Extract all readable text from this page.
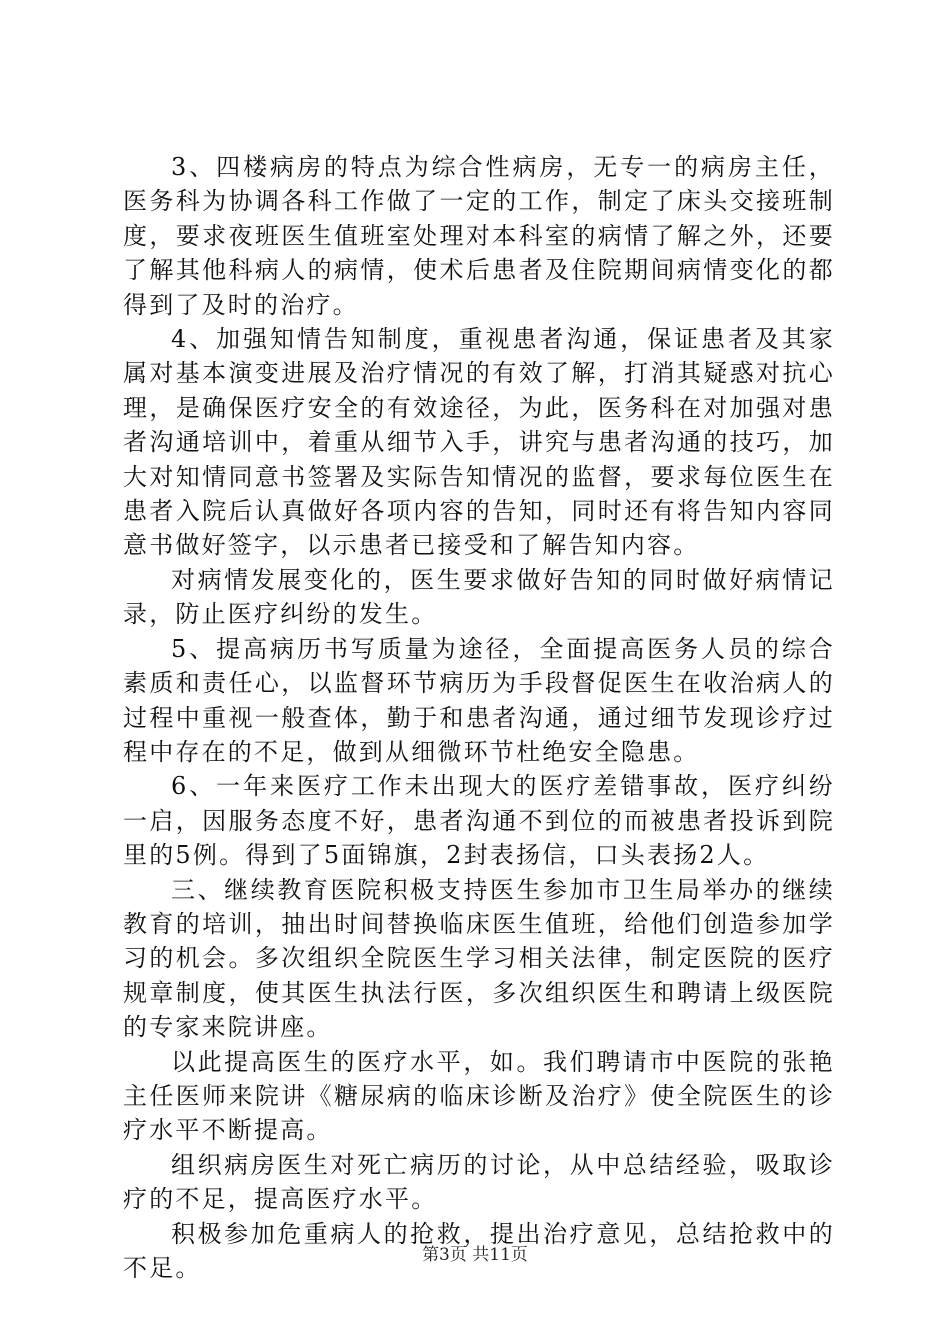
3、四楼病房的特点为综合性病房，无专一的病房主任，医务科为协调各科工作做了一定的工作，制定了床头交接班制度，要求夜班医生值班室处理对本科室的病情了解之外，还要了解其他科病人的病情，使术后患者及住院期间病情变化的都得到了及时的治疗。

4、加强知情告知制度，重视患者沟通，保证患者及其家属对基本演变进展及治疗情况的有效了解，打消其疑惑对抗心理，是确保医疗安全的有效途径，为此，医务科在对加强对患者沟通培训中，着重从细节入手，讲究与患者沟通的技巧，加大对知情同意书签署及实际告知情况的监督，要求每位医生在患者入院后认真做好各项内容的告知，同时还有将告知内容同意书做好签字，以示患者已接受和了解告知内容。

对病情发展变化的，医生要求做好告知的同时做好病情记录，防止医疗纠纷的发生。

5、提高病历书写质量为途径，全面提高医务人员的综合素质和责任心，以监督环节病历为手段督促医生在收治病人的过程中重视一般查体，勤于和患者沟通，通过细节发现诊疗过程中存在的不足，做到从细微环节杜绝安全隐患。

6、一年来医疗工作未出现大的医疗差错事故，医疗纠纷一启，因服务态度不好，患者沟通不到位的而被患者投诉到院里的5例。得到了5面锦旗，2封表扬信，口头表扬2人。

三、继续教育医院积极支持医生参加市卫生局举办的继续教育的培训，抽出时间替换临床医生值班，给他们创造参加学习的机会。多次组织全院医生学习相关法律，制定医院的医疗规章制度，使其医生执法行医，多次组织医生和聘请上级医院的专家来院讲座。

以此提高医生的医疗水平，如。我们聘请市中医院的张艳主任医师来院讲《糖尿病的临床诊断及治疗》使全院医生的诊疗水平不断提高。

组织病房医生对死亡病历的讨论，从中总结经验，吸取诊疗的不足，提高医疗水平。

积极参加危重病人的抢救，提出治疗意见，总结抢救中的不足。	第3页 共11页
